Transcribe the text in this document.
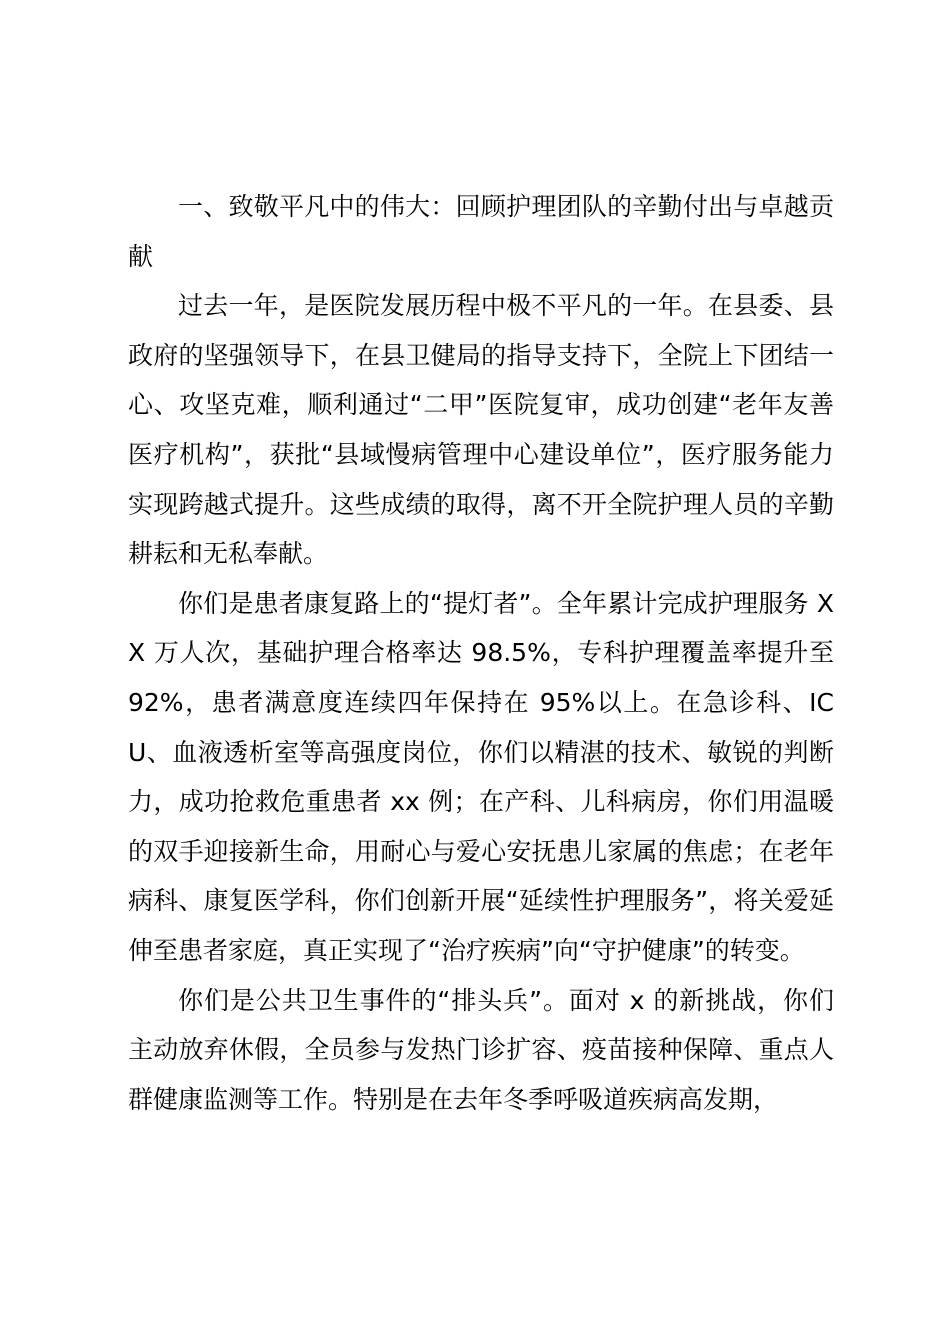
一、致敬平凡中的伟大：回顾护理团队的辛勤付出与卓越贡献

过去一年，是医院发展历程中极不平凡的一年。在县委、县政府的坚强领导下，在县卫健局的指导支持下，全院上下团结一心、攻坚克难，顺利通过“二甲”医院复审，成功创建“老年友善医疗机构”，获批“县域慢病管理中心建设单位”，医疗服务能力实现跨越式提升。这些成绩的取得，离不开全院护理人员的辛勤耕耘和无私奉献。

你们是患者康复路上的“提灯者”。全年累计完成护理服务 XX 万人次，基础护理合格率达 98.5%，专科护理覆盖率提升至 92%，患者满意度连续四年保持在 95%以上。在急诊科、ICU、血液透析室等高强度岗位，你们以精湛的技术、敏锐的判断力，成功抢救危重患者 xx 例；在产科、儿科病房，你们用温暖的双手迎接新生命，用耐心与爱心安抚患儿家属的焦虑；在老年病科、康复医学科，你们创新开展“延续性护理服务”，将关爱延伸至患者家庭，真正实现了“治疗疾病”向“守护健康”的转变。

你们是公共卫生事件的“排头兵”。面对 x 的新挑战，你们主动放弃休假，全员参与发热门诊扩容、疫苗接种保障、重点人群健康监测等工作。特别是在去年冬季呼吸道疾病高发期，
